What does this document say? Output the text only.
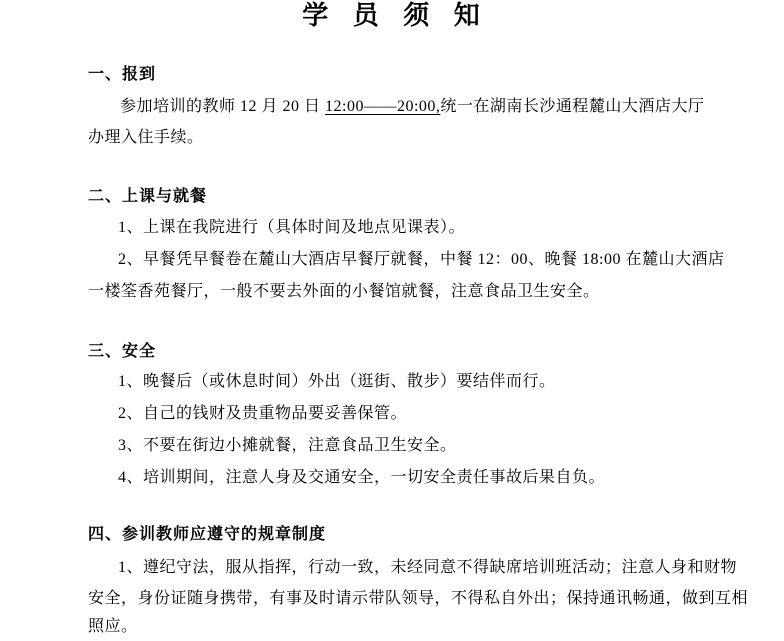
学 员 须 知
一、报到
参加培训的教师 12 月 20 日 12:00——20:00,统一在湖南长沙通程麓山大酒店大厅
办理入住手续。
二、上课与就餐
1、上课在我院进行（具体时间及地点见课表）。
2、早餐凭早餐卷在麓山大酒店早餐厅就餐，中餐 12：00、晚餐 18:00 在麓山大酒店
一楼筌香苑餐厅，一般不要去外面的小餐馆就餐，注意食品卫生安全。
三、安全
1、晚餐后（或休息时间）外出（逛街、散步）要结伴而行。
2、自己的钱财及贵重物品要妥善保管。
3、不要在街边小摊就餐，注意食品卫生安全。
4、培训期间，注意人身及交通安全，一切安全责任事故后果自负。
四、参训教师应遵守的规章制度
1、遵纪守法，服从指挥，行动一致，未经同意不得缺席培训班活动；注意人身和财物
安全，身份证随身携带，有事及时请示带队领导，不得私自外出；保持通讯畅通，做到互相
照应。
